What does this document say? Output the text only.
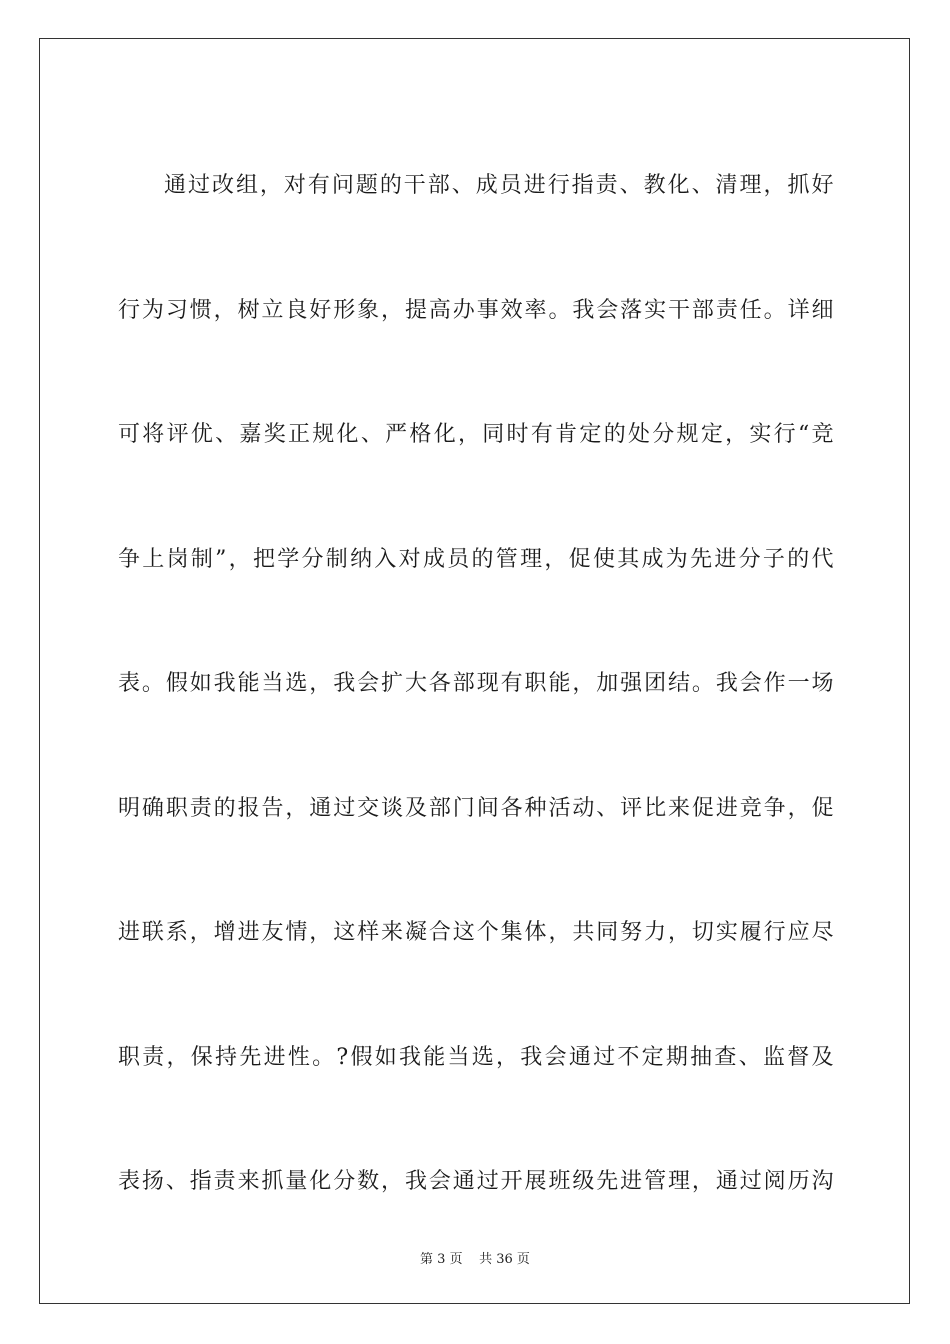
通过改组，对有问题的干部、成员进行指责、教化、清理，抓好
行为习惯，树立良好形象，提高办事效率。我会落实干部责任。详细
可将评优、嘉奖正规化、严格化，同时有肯定的处分规定，实行“竞
争上岗制”，把学分制纳入对成员的管理，促使其成为先进分子的代
表。假如我能当选，我会扩大各部现有职能，加强团结。我会作一场
明确职责的报告，通过交谈及部门间各种活动、评比来促进竞争，促
进联系，增进友情，这样来凝合这个集体，共同努力，切实履行应尽
职责，保持先进性。?假如我能当选，我会通过不定期抽查、监督及
表扬、指责来抓量化分数，我会通过开展班级先进管理，通过阅历沟
第 3 页 共 36 页
